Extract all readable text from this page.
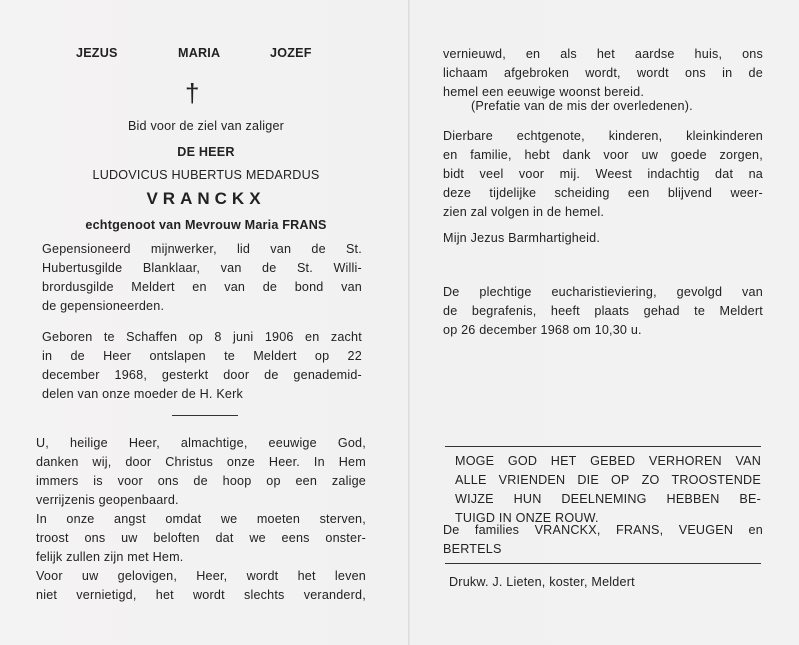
JEZUS	MARIA	JOZEF
†
Bid voor de ziel van zaliger
DE HEER
LUDOVICUS HUBERTUS MEDARDUS
VRANCKX
echtgenoot van Mevrouw Maria FRANS
Gepensioneerd mijnwerker, lid van de St.
Hubertusgilde Blanklaar, van de St. Willi-
brordusgilde Meldert en van de bond van
de gepensioneerden.
Geboren te Schaffen op 8 juni 1906 en zacht
in de Heer ontslapen te Meldert op 22
december 1968, gesterkt door de genademid-
delen van onze moeder de H. Kerk
U, heilige Heer, almachtige, eeuwige God,
danken wij, door Christus onze Heer. In Hem
immers is voor ons de hoop op een zalige
verrijzenis geopenbaard.
In onze angst omdat we moeten sterven,
troost ons uw beloften dat we eens onster-
felijk zullen zijn met Hem.
Voor uw gelovigen, Heer, wordt het leven
niet vernietigd, het wordt slechts veranderd,
vernieuwd, en als het aardse huis, ons
lichaam afgebroken wordt, wordt ons in de
hemel een eeuwige woonst bereid.
(Prefatie van de mis der overledenen).
Dierbare echtgenote, kinderen, kleinkinderen
en familie, hebt dank voor uw goede zorgen,
bidt veel voor mij. Weest indachtig dat na
deze tijdelijke scheiding een blijvend weer-
zien zal volgen in de hemel.
Mijn Jezus Barmhartigheid.
De plechtige eucharistieviering, gevolgd van
de begrafenis, heeft plaats gehad te Meldert
op 26 december 1968 om 10,30 u.
MOGE GOD HET GEBED VERHOREN VAN
ALLE VRIENDEN DIE OP ZO TROOSTENDE
WIJZE HUN DEELNEMING HEBBEN BE-
TUIGD IN ONZE ROUW.
De families VRANCKX, FRANS, VEUGEN en
BERTELS
Drukw. J. Lieten, koster, Meldert
